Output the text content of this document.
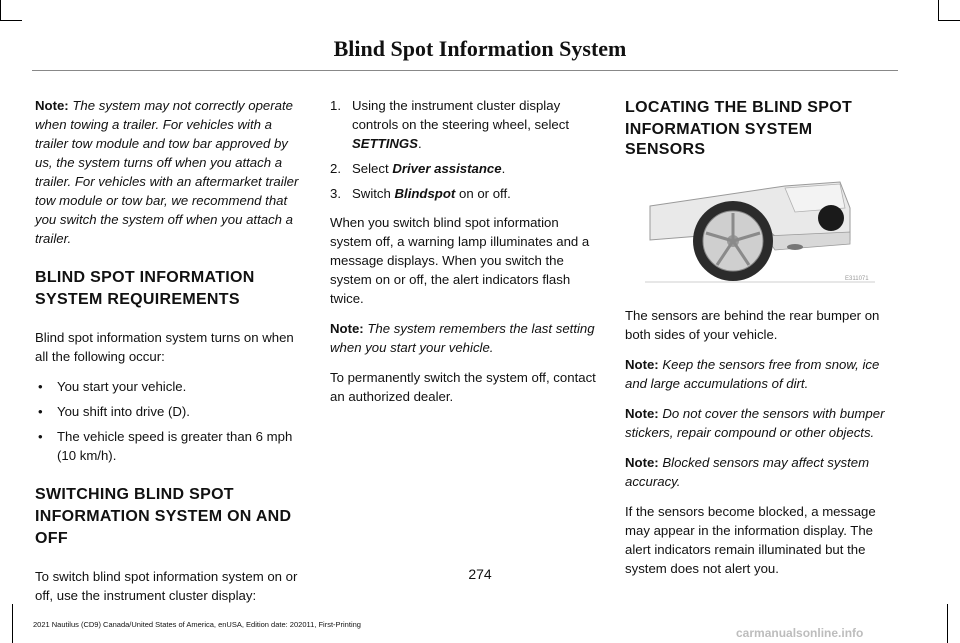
Blind Spot Information System

Note: The system may not correctly operate when towing a trailer. For vehicles with a trailer tow module and tow bar approved by us, the system turns off when you attach a trailer. For vehicles with an aftermarket trailer tow module or tow bar, we recommend that you switch the system off when you attach a trailer.

BLIND SPOT INFORMATION
SYSTEM REQUIREMENTS

Blind spot information system turns on when all the following occur:

• You start your vehicle.
• You shift into drive (D).
• The vehicle speed is greater than 6 mph (10 km/h).
SWITCHING BLIND SPOT
INFORMATION SYSTEM ON AND
OFF

To switch blind spot information system on or off, use the instrument cluster display:

1. Using the instrument cluster display controls on the steering wheel, select SETTINGS.
2. Select Driver assistance.
3. Switch Blindspot on or off.

When you switch blind spot information system off, a warning lamp illuminates and a message displays. When you switch the system on or off, the alert indicators flash twice.

Note: The system remembers the last setting when you start your vehicle.

To permanently switch the system off, contact an authorized dealer.

LOCATING THE BLIND SPOT
INFORMATION SYSTEM SENSORS
E311071

The sensors are behind the rear bumper on both sides of your vehicle.

Note: Keep the sensors free from snow, ice and large accumulations of dirt.

Note: Do not cover the sensors with bumper stickers, repair compound or other objects.

Note: Blocked sensors may affect system accuracy.

If the sensors become blocked, a message may appear in the information display. The alert indicators remain illuminated but the system does not alert you.

274
2021 Nautilus (CD9) Canada/United States of America, enUSA, Edition date: 202011, First-Printing
carmanualsonline.info
